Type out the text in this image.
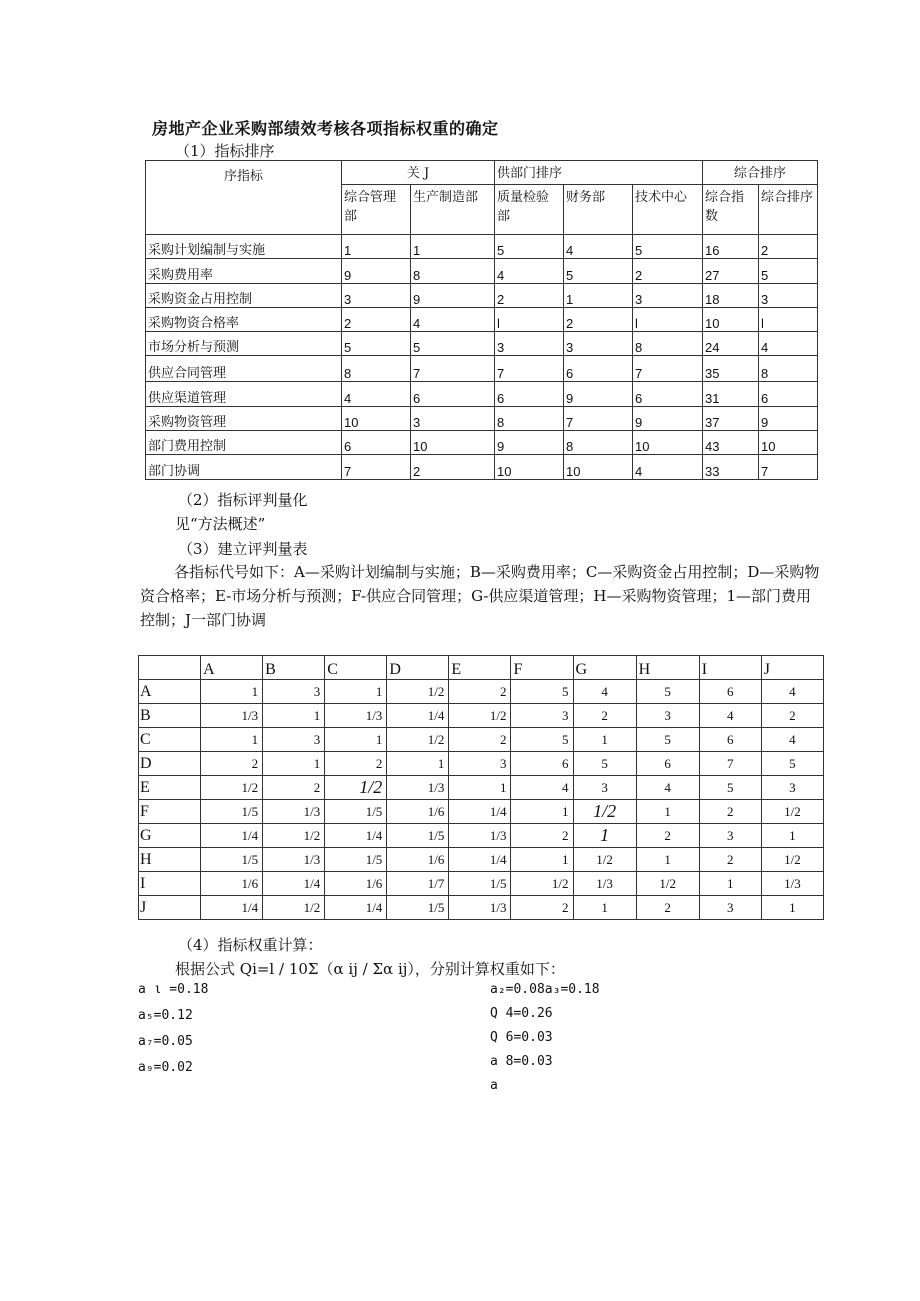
房地产企业采购部绩效考核各项指标权重的确定
（1）指标排序
序指标	关 J		供部门排序			综合排序	
	综合管理部	生产制造部	质量检验部	财务部	技术中心	综合指数	综合排序
采购计划编制与实施	1	1	5	4	5	16	2
采购费用率	9	8	4	5	2	27	5
采购资金占用控制	3	9	2	1	3	18	3
采购物资合格率	2	4	l	2	l	10	l
市场分析与预测	5	5	3	3	8	24	4
供应合同管理	8	7	7	6	7	35	8
供应渠道管理	4	6	6	9	6	31	6
采购物资管理	10	3	8	7	9	37	9
部门费用控制	6	10	9	8	10	43	10
部门协调	7	2	10	10	4	33	7
（2）指标评判量化
见“方法概述”
（3）建立评判量表
各指标代号如下：A—采购计划编制与实施；B—采购费用率；C—采购资金占用控制；D—采购物资合格率；E-市场分析与预测；F-供应合同管理；G-供应渠道管理；H—采购物资管理；1—部门费用控制；J一部门协调
	A	B	C	D	E	F	G	H	I	J
A	1	3	1	1/2	2	5	4	5	6	4
B	1/3	1	1/3	1/4	1/2	3	2	3	4	2
C	1	3	1	1/2	2	5	1	5	6	4
D	2	1	2	1	3	6	5	6	7	5
E	1/2	2	1/2	1/3	1	4	3	4	5	3
F	1/5	1/3	1/5	1/6	1/4	1	1/2	1	2	1/2
G	1/4	1/2	1/4	1/5	1/3	2	1	2	3	1
H	1/5	1/3	1/5	1/6	1/4	1	1/2	1	2	1/2
I	1/6	1/4	1/6	1/7	1/5	1/2	1/3	1/2	1	1/3
J	1/4	1/2	1/4	1/5	1/3	2	1	2	3	1
（4）指标权重计算：
根据公式 Qi=l / 10Σ（α ij / Σα ij），分别计算权重如下：
a ι =0.18
a₅=0.12
a₇=0.05
a₉=0.02
a₂=0.08a₃=0.18
Q 4=0.26
Q 6=0.03
a 8=0.03
a
